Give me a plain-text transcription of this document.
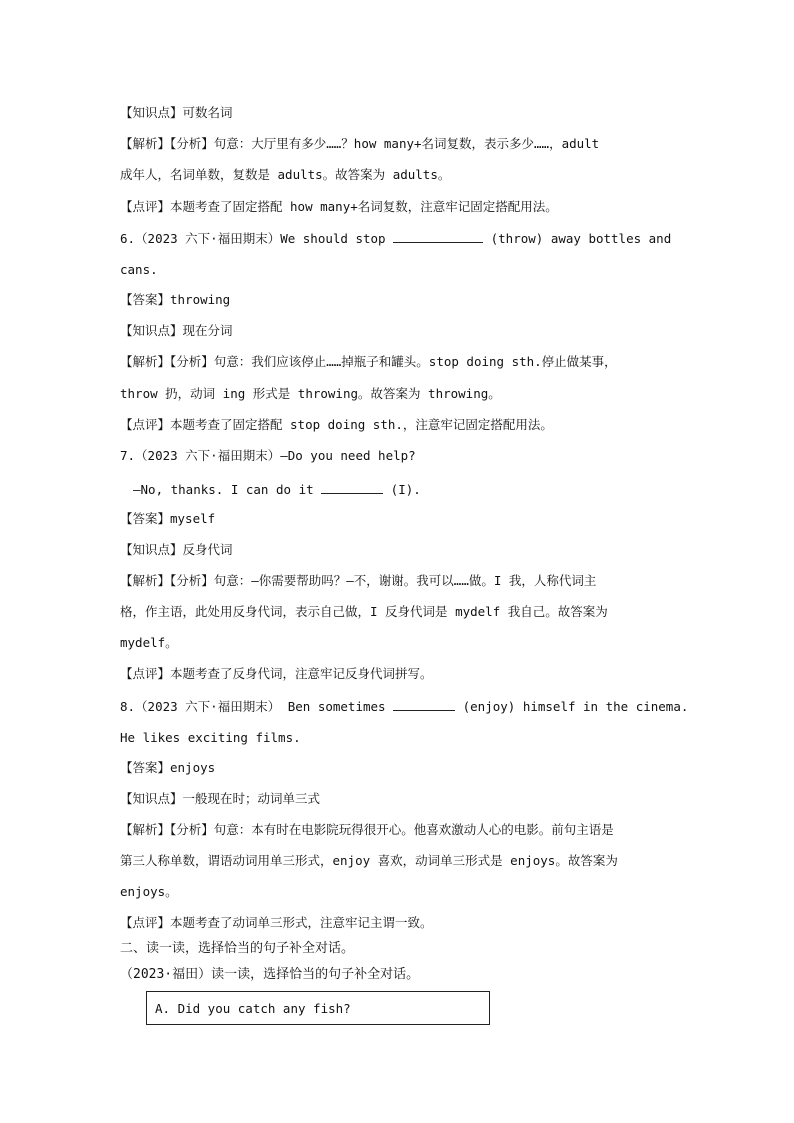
【知识点】可数名词
【解析】【分析】句意：大厅里有多少……？how many+名词复数，表示多少……，adult
成年人，名词单数，复数是 adults。故答案为 adults。
【点评】本题考查了固定搭配 how many+名词复数，注意牢记固定搭配用法。
6.（2023 六下·福田期末）We should stop	(throw) away bottles and
cans.
【答案】throwing
【知识点】现在分词
【解析】【分析】句意：我们应该停止……掉瓶子和罐头。stop doing sth.停止做某事，
throw 扔，动词 ing 形式是 throwing。故答案为 throwing。
【点评】本题考查了固定搭配 stop doing sth.，注意牢记固定搭配用法。
7.（2023 六下·福田期末）—Do you need help?
—No, thanks. I can do it	(I).
【答案】myself
【知识点】反身代词
【解析】【分析】句意：—你需要帮助吗？—不，谢谢。我可以……做。I 我，人称代词主
格，作主语，此处用反身代词，表示自己做，I 反身代词是 mydelf 我自己。故答案为
mydelf。
【点评】本题考查了反身代词，注意牢记反身代词拼写。
8.（2023 六下·福田期末） Ben sometimes	(enjoy) himself in the cinema.
He likes exciting films.
【答案】enjoys
【知识点】一般现在时；动词单三式
【解析】【分析】句意：本有时在电影院玩得很开心。他喜欢激动人心的电影。前句主语是
第三人称单数，谓语动词用单三形式，enjoy 喜欢，动词单三形式是 enjoys。故答案为
enjoys。
【点评】本题考查了动词单三形式，注意牢记主谓一致。
二、读一读，选择恰当的句子补全对话。
（2023·福田）读一读，选择恰当的句子补全对话。
A. Did you catch any fish?
